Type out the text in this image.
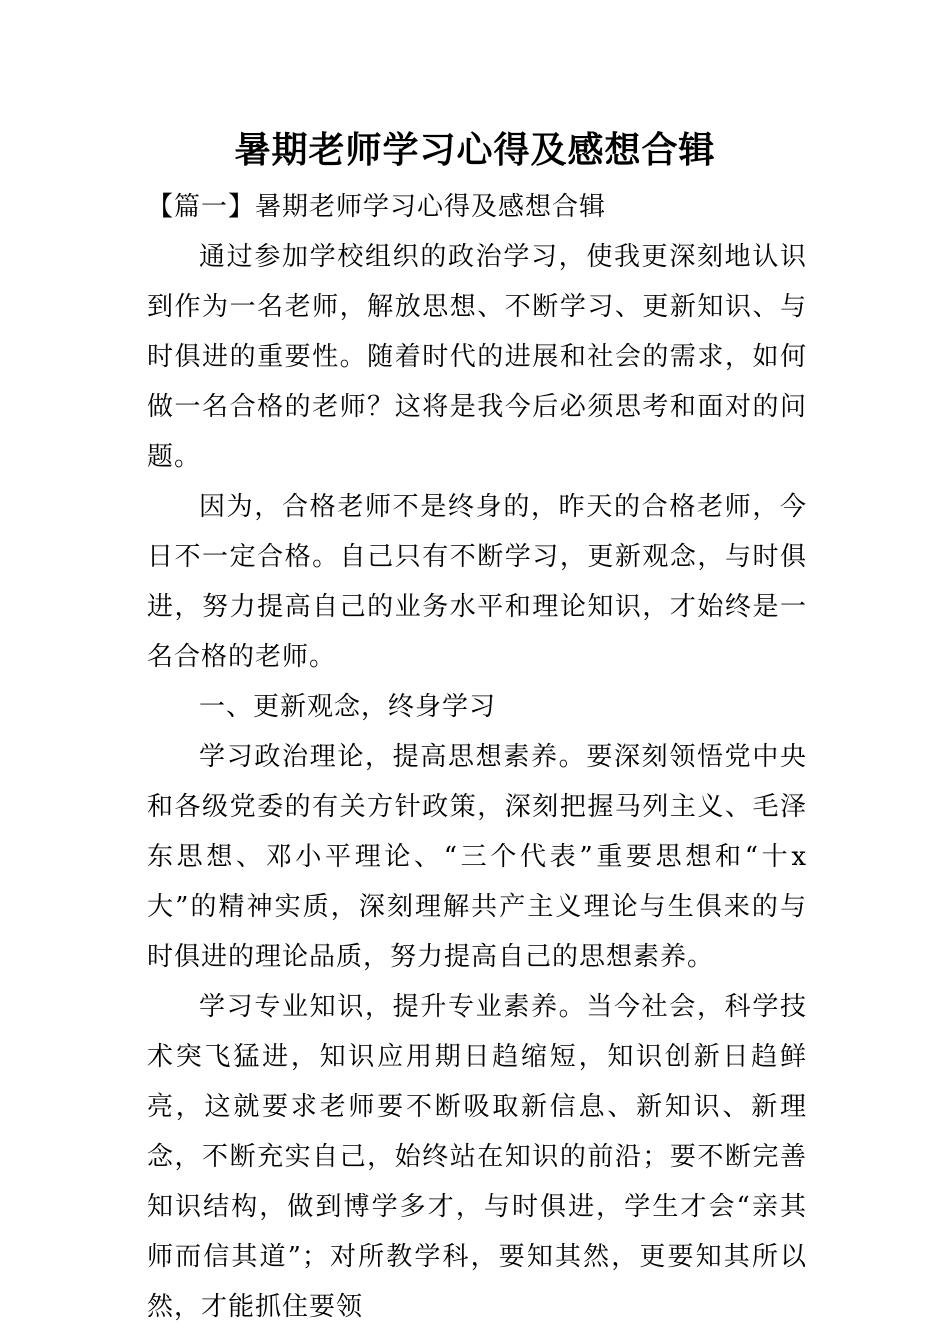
暑期老师学习心得及感想合辑

【篇一】暑期老师学习心得及感想合辑

通过参加学校组织的政治学习，使我更深刻地认识到作为一名老师，解放思想、不断学习、更新知识、与时俱进的重要性。随着时代的进展和社会的需求，如何做一名合格的老师？这将是我今后必须思考和面对的问题。

因为，合格老师不是终身的，昨天的合格老师，今日不一定合格。自己只有不断学习，更新观念，与时俱进，努力提高自己的业务水平和理论知识，才始终是一名合格的老师。

一、更新观念，终身学习

学习政治理论，提高思想素养。要深刻领悟党中央和各级党委的有关方针政策，深刻把握马列主义、毛泽东思想、邓小平理论、“三个代表”重要思想和“十x大”的精神实质，深刻理解共产主义理论与生俱来的与时俱进的理论品质，努力提高自己的思想素养。

学习专业知识，提升专业素养。当今社会，科学技术突飞猛进，知识应用期日趋缩短，知识创新日趋鲜亮，这就要求老师要不断吸取新信息、新知识、新理念，不断充实自己，始终站在知识的前沿；要不断完善知识结构，做到博学多才，与时俱进，学生才会“亲其师而信其道”；对所教学科，要知其然，更要知其所以然，才能抓住要领
